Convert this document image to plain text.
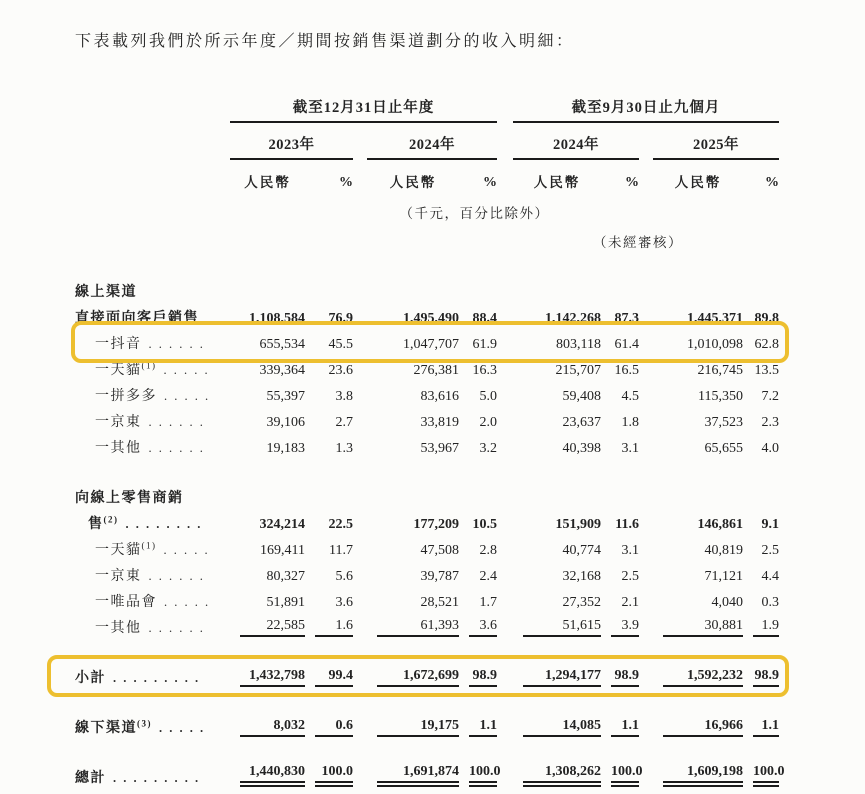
下表載列我們於所示年度／期間按銷售渠道劃分的收入明細：

	截至12月31日止年度						截至9月30日止九個月				
	2023年			2024年			2024年			2025年	
	人民幣	%		人民幣	%		人民幣	%		人民幣	%

	（千元，百分比除外）										

							（未經審核）				

線上渠道											
直接面向客戶銷售	1,108,584	76.9		1,495,490	88.4		1,142,268	87.3		1,445,371	89.8

一抖音 . . . . . .	655,534	45.5		1,047,707	61.9		803,118	61.4		1,010,098	62.8

一天貓$^{(1)}$ . . . . .	339,364	23.6		276,381	16.3		215,707	16.5		216,745	13.5

一拼多多 . . . . .	55,397	3.8		83,616	5.0		59,408	4.5		115,350	7.2

一京東 . . . . . .	39,106	2.7		33,819	2.0		23,637	1.8		37,523	2.3

一其他 . . . . . .	19,183	1.3		53,967	3.2		40,398	3.1		65,655	4.0

向線上零售商銷											
售$^{(2)}$ . . . . . . . .	324,214	22.5		177,209	10.5		151,909	11.6		146,861	9.1

一天貓$^{(1)}$ . . . . .	169,411	11.7		47,508	2.8		40,774	3.1		40,819	2.5

一京東 . . . . . .	80,327	5.6		39,787	2.4		32,168	2.5		71,121	4.4

一唯品會 . . . . .	51,891	3.6		28,521	1.7		27,352	2.1		4,040	0.3

一其他 . . . . . .	22,585	1.6		61,393	3.6		51,615	3.9		30,881	1.9

小計 . . . . . . . . .	1,432,798	99.4		1,672,699	98.9		1,294,177	98.9		1,592,232	98.9

線下渠道$^{(3)}$ . . . . .	8,032	0.6		19,175	1.1		14,085	1.1		16,966	1.1

總計 . . . . . . . . .	1,440,830	100.0		1,691,874	100.0		1,308,262	100.0		1,609,198	100.0
